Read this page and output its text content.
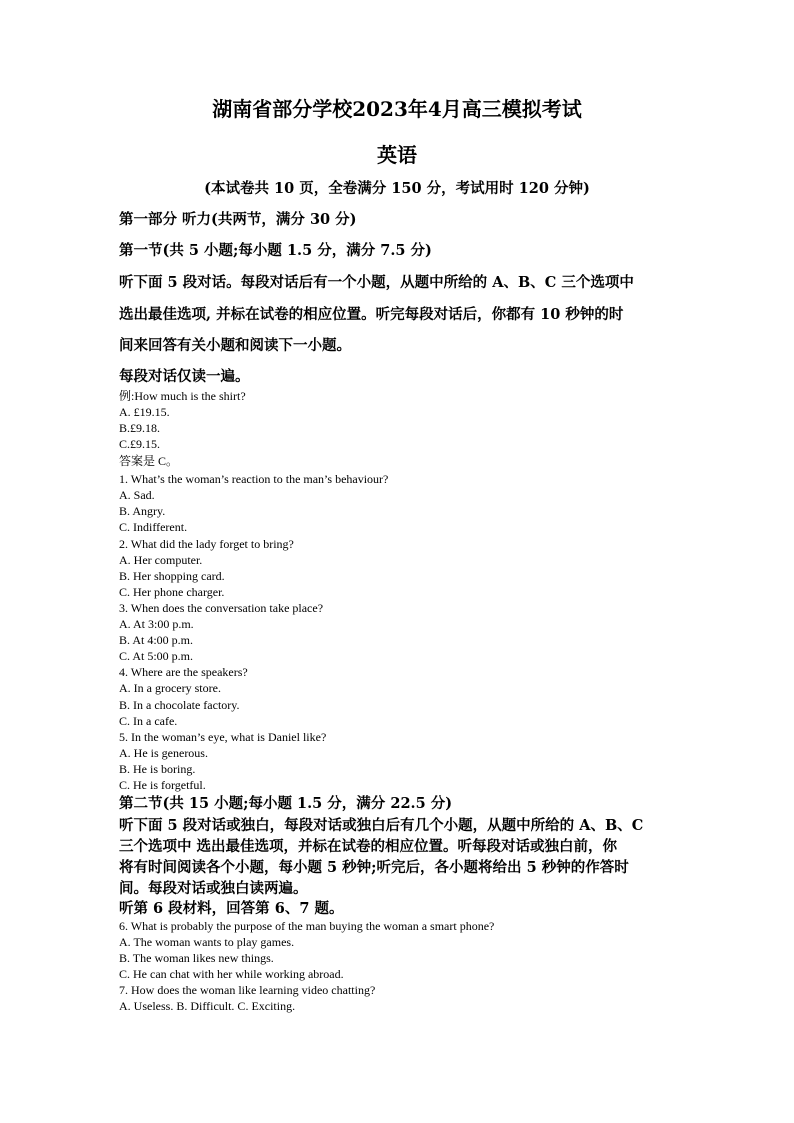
湖南省部分学校2023年4月高三模拟考试
英语
(本试卷共 10 页，全卷满分 150 分，考试用时 120 分钟)
第一部分 听力(共两节，满分 30 分)
第一节(共 5 小题;每小题 1.5 分，满分 7.5 分)
听下面 5 段对话。每段对话后有一个小题，从题中所给的 A、B、C 三个选项中
选出最佳选项, 并标在试卷的相应位置。听完每段对话后，你都有 10 秒钟的时
间来回答有关小题和阅读下一小题。
每段对话仅读一遍。
例:How much is the shirt?
A. £19.15.
B.£9.18.
C.£9.15.
答案是 C。
1. What’s the woman’s reaction to the man’s behaviour?
A. Sad.
B. Angry.
C. Indifferent.
2. What did the lady forget to bring?
A. Her computer.
B. Her shopping card.
C. Her phone charger.
3. When does the conversation take place?
A. At 3:00 p.m.
B. At 4:00 p.m.
C. At 5:00 p.m.
4. Where are the speakers?
A. In a grocery store.
B. In a chocolate factory.
C. In a cafe.
5. In the woman’s eye, what is Daniel like?
A. He is generous.
B. He is boring.
C. He is forgetful.
第二节(共 15 小题;每小题 1.5 分，满分 22.5 分)
听下面 5 段对话或独白，每段对话或独白后有几个小题，从题中所给的 A、B、C
三个选项中 选出最佳选项，并标在试卷的相应位置。听每段对话或独白前，你
将有时间阅读各个小题，每小题 5 秒钟;听完后，各小题将给出 5 秒钟的作答时
间。每段对话或独白读两遍。
听第 6 段材料，回答第 6、7 题。
6. What is probably the purpose of the man buying the woman a smart phone?
A. The woman wants to play games.
B. The woman likes new things.
C. He can chat with her while working abroad.
7. How does the woman like learning video chatting?
A. Useless. B. Difficult. C. Exciting.
